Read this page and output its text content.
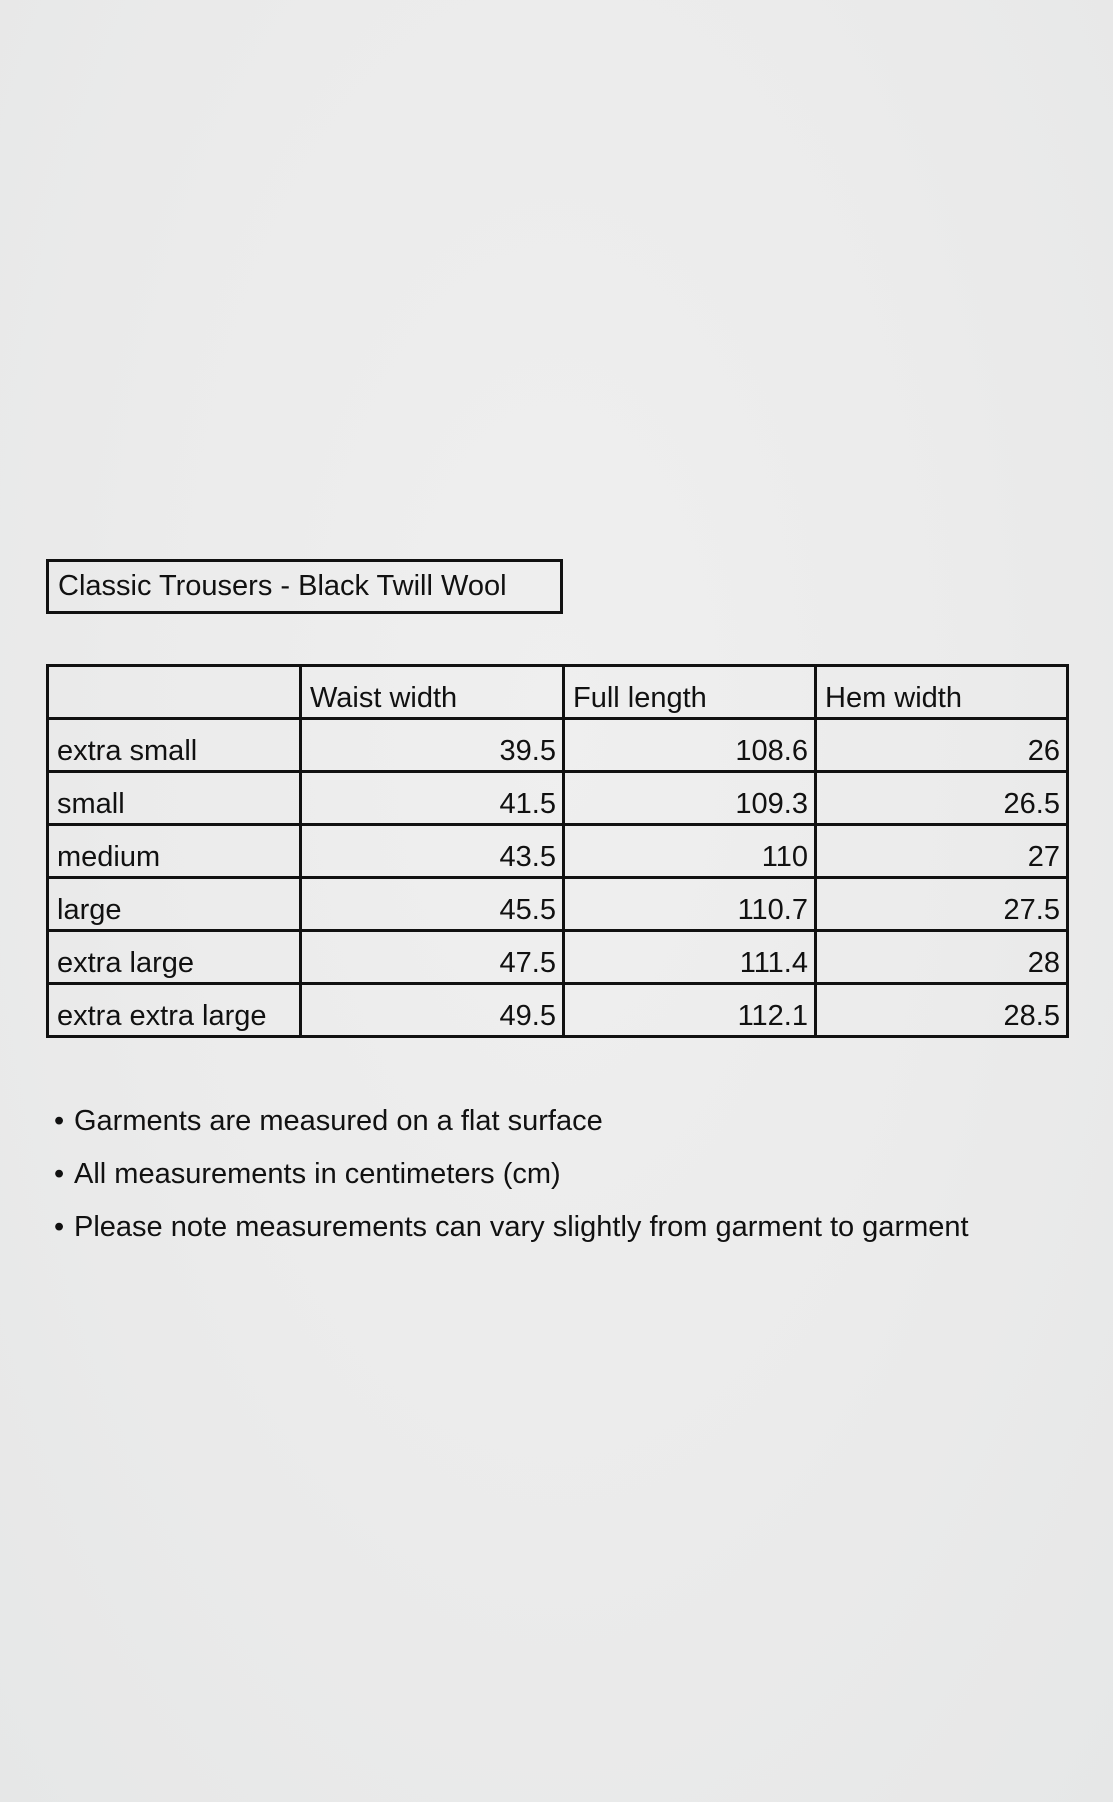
Classic Trousers - Black Twill Wool
	Waist width	Full length	Hem width
extra small	39.5	108.6	26
small	41.5	109.3	26.5
medium	43.5	110	27
large	45.5	110.7	27.5
extra large	47.5	111.4	28
extra extra large	49.5	112.1	28.5
• Garments are measured on a flat surface
• All measurements in centimeters (cm)
• Please note measurements can vary slightly from garment to garment
